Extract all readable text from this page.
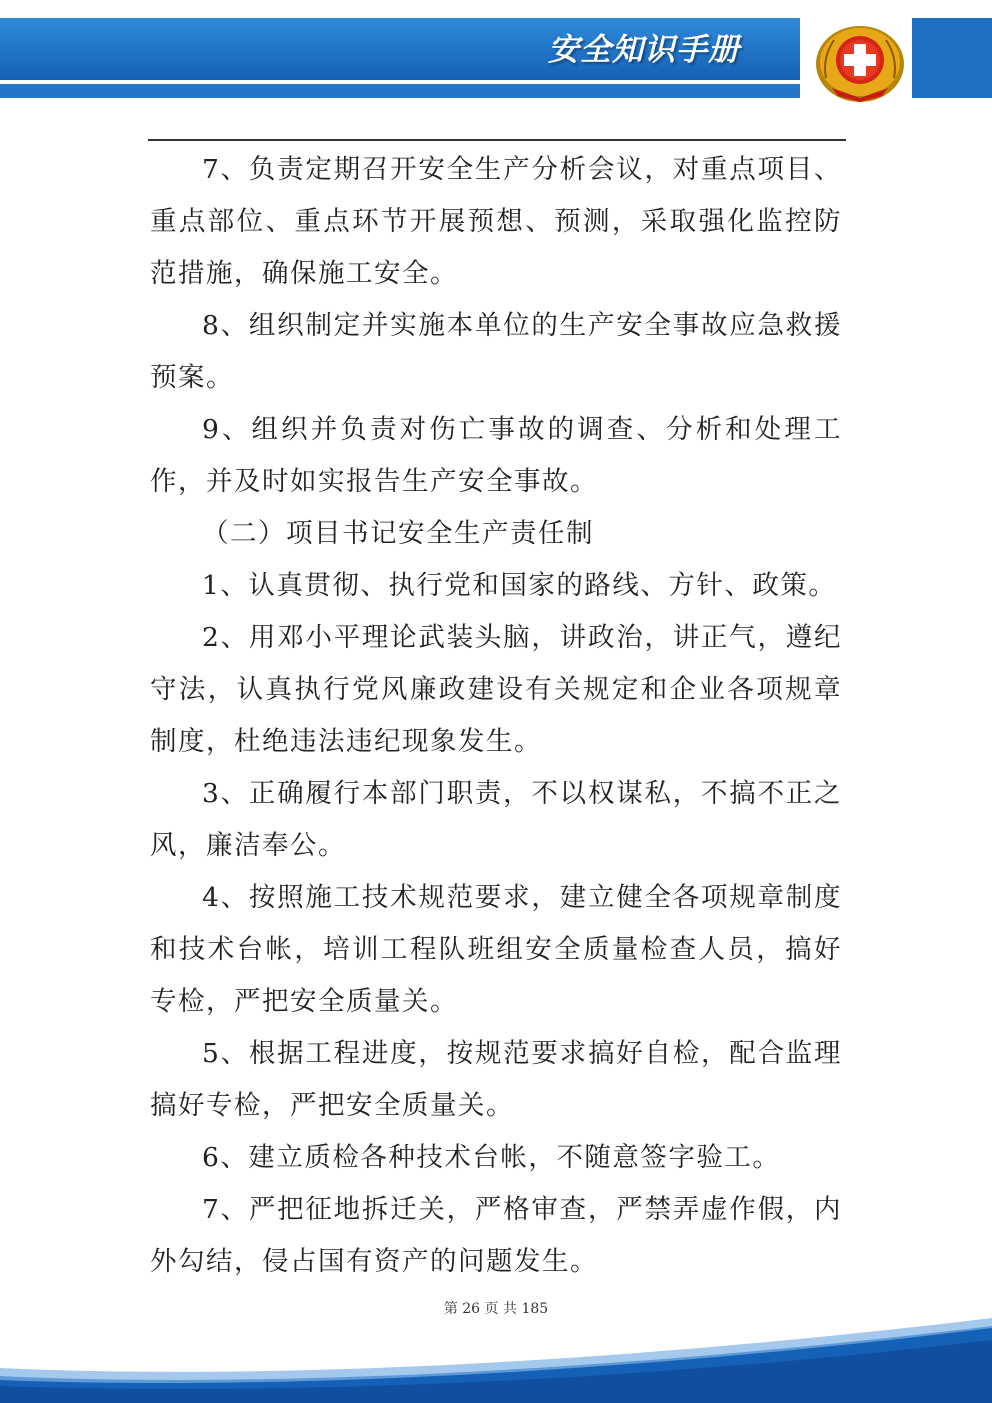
安全知识手册

7、负责定期召开安全生产分析会议，对重点项目、重点部位、重点环节开展预想、预测，采取强化监控防范措施，确保施工安全。

8、组织制定并实施本单位的生产安全事故应急救援预案。

9、组织并负责对伤亡事故的调查、分析和处理工作，并及时如实报告生产安全事故。

（二）项目书记安全生产责任制

1、认真贯彻、执行党和国家的路线、方针、政策。

2、用邓小平理论武装头脑，讲政治，讲正气，遵纪守法，认真执行党风廉政建设有关规定和企业各项规章制度，杜绝违法违纪现象发生。

3、正确履行本部门职责，不以权谋私，不搞不正之风，廉洁奉公。

4、按照施工技术规范要求，建立健全各项规章制度和技术台帐，培训工程队班组安全质量检查人员，搞好专检，严把安全质量关。

5、根据工程进度，按规范要求搞好自检，配合监理搞好专检，严把安全质量关。

6、建立质检各种技术台帐，不随意签字验工。

7、严把征地拆迁关，严格审查，严禁弄虚作假，内外勾结，侵占国有资产的问题发生。

第 26 页 共 185
